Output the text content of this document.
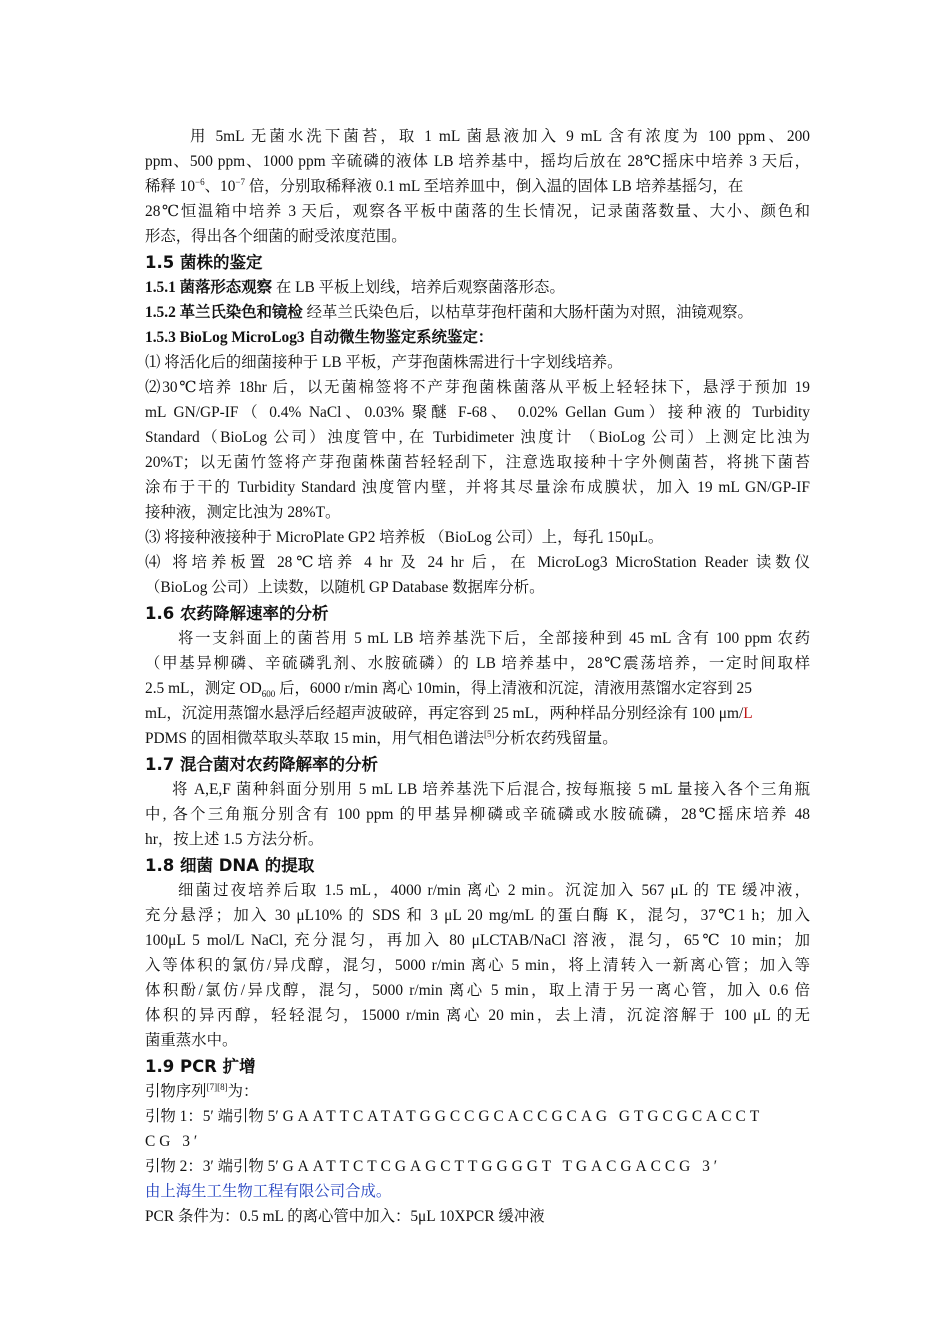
用 5mL 无菌水洗下菌苔，取 1 mL 菌悬液加入 9 mL 含有浓度为 100 ppm、200
ppm、500 ppm、1000 ppm 辛硫磷的液体 LB 培养基中，摇均后放在 28℃摇床中培养 3 天后，
稀释 $10^{-6}$、$10^{-7}$ 倍，分别取稀释液 0.1 mL 至培养皿中，倒入温的固体 LB 培养基摇匀，在
28℃恒温箱中培养 3 天后，观察各平板中菌落的生长情况，记录菌落数量、大小、颜色和
形态，得出各个细菌的耐受浓度范围。
1.5 菌株的鉴定
1.5.1 菌落形态观察 在 LB 平板上划线，培养后观察菌落形态。
1.5.2 革兰氏染色和镜检 经革兰氏染色后，以枯草芽孢杆菌和大肠杆菌为对照，油镜观察。
1.5.3 BioLog MicroLog3 自动微生物鉴定系统鉴定：
⑴ 将活化后的细菌接种于 LB 平板，产芽孢菌株需进行十字划线培养。
⑵30℃培养 18hr 后，以无菌棉签将不产芽孢菌株菌落从平板上轻轻抹下，悬浮于预加 19
mL GN/GP-IF（ 0.4% NaCl、0.03% 聚醚 F-68、 0.02% Gellan Gum）接种液的 Turbidity
Standard（BioLog 公司）浊度管中, 在 Turbidimeter 浊度计 （BioLog 公司）上测定比浊为
20%T；以无菌竹签将产芽孢菌株菌苔轻轻刮下，注意选取接种十字外侧菌苔，将挑下菌苔
涂布于干的 Turbidity Standard 浊度管内壁，并将其尽量涂布成膜状，加入 19 mL GN/GP-IF
接种液，测定比浊为 28%T。
⑶ 将接种液接种于 MicroPlate GP2 培养板 （BioLog 公司）上，每孔 150μL。
⑷ 将培养板置 28℃培养 4 hr 及 24 hr 后，在 MicroLog3 MicroStation Reader 读数仪
（BioLog 公司）上读数，以随机 GP Database 数据库分析。
1.6 农药降解速率的分析
将一支斜面上的菌苔用 5 mL LB 培养基洗下后，全部接种到 45 mL 含有 100 ppm 农药
（甲基异柳磷、辛硫磷乳剂、水胺硫磷）的 LB 培养基中，28℃震荡培养，一定时间取样
2.5 mL，测定 $OD_{600}$ 后，6000 r/min 离心 10min，得上清液和沉淀，清液用蒸馏水定容到 25
mL，沉淀用蒸馏水悬浮后经超声波破碎，再定容到 25 mL，两种样品分别经涂有 100 μm/L
PDMS 的固相微萃取头萃取 15 min，用气相色谱法[5]分析农药残留量。
1.7 混合菌对农药降解率的分析
将 A,E,F 菌种斜面分别用 5 mL LB 培养基洗下后混合, 按每瓶接 5 mL 量接入各个三角瓶
中, 各个三角瓶分别含有 100 ppm 的甲基异柳磷或辛硫磷或水胺硫磷，28℃摇床培养 48
hr，按上述 1.5 方法分析。
1.8 细菌 DNA 的提取
细菌过夜培养后取 1.5 mL，4000 r/min 离心 2 min。沉淀加入 567 μL 的 TE 缓冲液，
充分悬浮；加入 30 μL10% 的 SDS 和 3 μL 20 mg/mL 的蛋白酶 K，混匀，37℃1 h；加入
100μL 5 mol/L NaCl, 充分混匀，再加入 80 μLCTAB/NaCl 溶液，混匀，65℃ 10 min；加
入等体积的氯仿/异戊醇，混匀，5000 r/min 离心 5 min，将上清转入一新离心管；加入等
体积酚/氯仿/异戊醇，混匀，5000 r/min 离心 5 min，取上清于另一离心管，加入 0.6 倍
体积的异丙醇，轻轻混匀，15000 r/min 离心 20 min，去上清，沉淀溶解于 100 μL 的无
菌重蒸水中。
1.9 PCR 扩增
引物序列[7][8]为：
引物 1：5′ 端引物 5′ GAATTCATATGGCCGCACCGCAG GTGCGCACCT
CG 3′
引物 2：3′ 端引物 5′ GAATTCTCGAGCTTGGGGT TGACGACCG 3′
由上海生工生物工程有限公司合成。
PCR 条件为：0.5 mL 的离心管中加入：5μL 10XPCR 缓冲液
